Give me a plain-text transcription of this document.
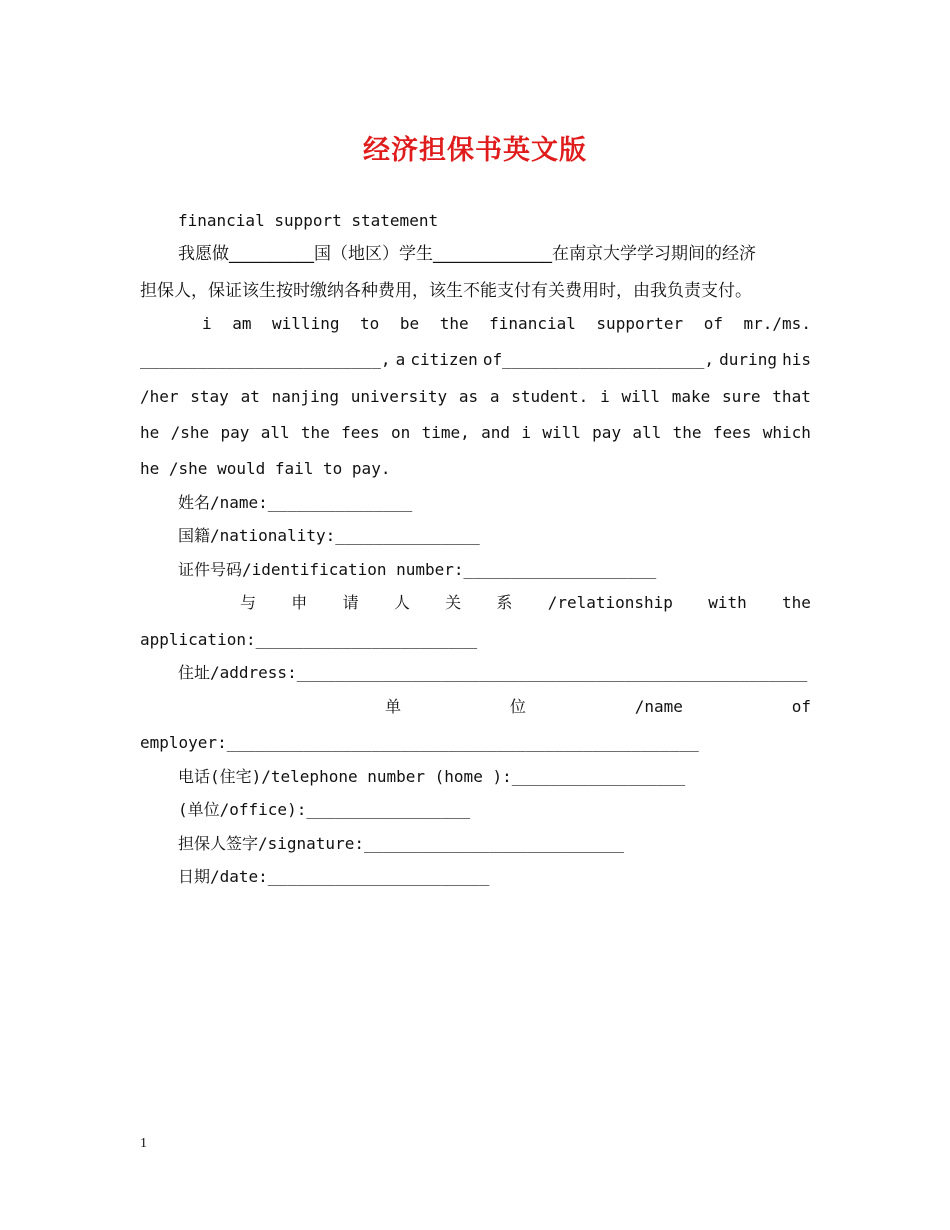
经济担保书英文版
financial support statement
我愿做__________国（地区）学生______________在南京大学学习期间的经济
担保人，保证该生按时缴纳各种费用，该生不能支付有关费用时，由我负责支付。
i am willing to be the financial supporter of mr./ms.
_________________________, a citizen of_____________________, during his
/her stay at nanjing university as a student. i will make sure that
he /she pay all the fees on time, and i will pay all the fees which
he /she would fail to pay.
姓名/name:_______________
国籍/nationality:_______________
证件号码/identification number:____________________
与 申 请 人 关 系 /relationship with the
application:_______________________
住址/address:_____________________________________________________
单	位	/name	of
employer:_________________________________________________
电话(住宅)/telephone number (home ):__________________
(单位/office):_________________
担保人签字/signature:___________________________
日期/date:_______________________
1
